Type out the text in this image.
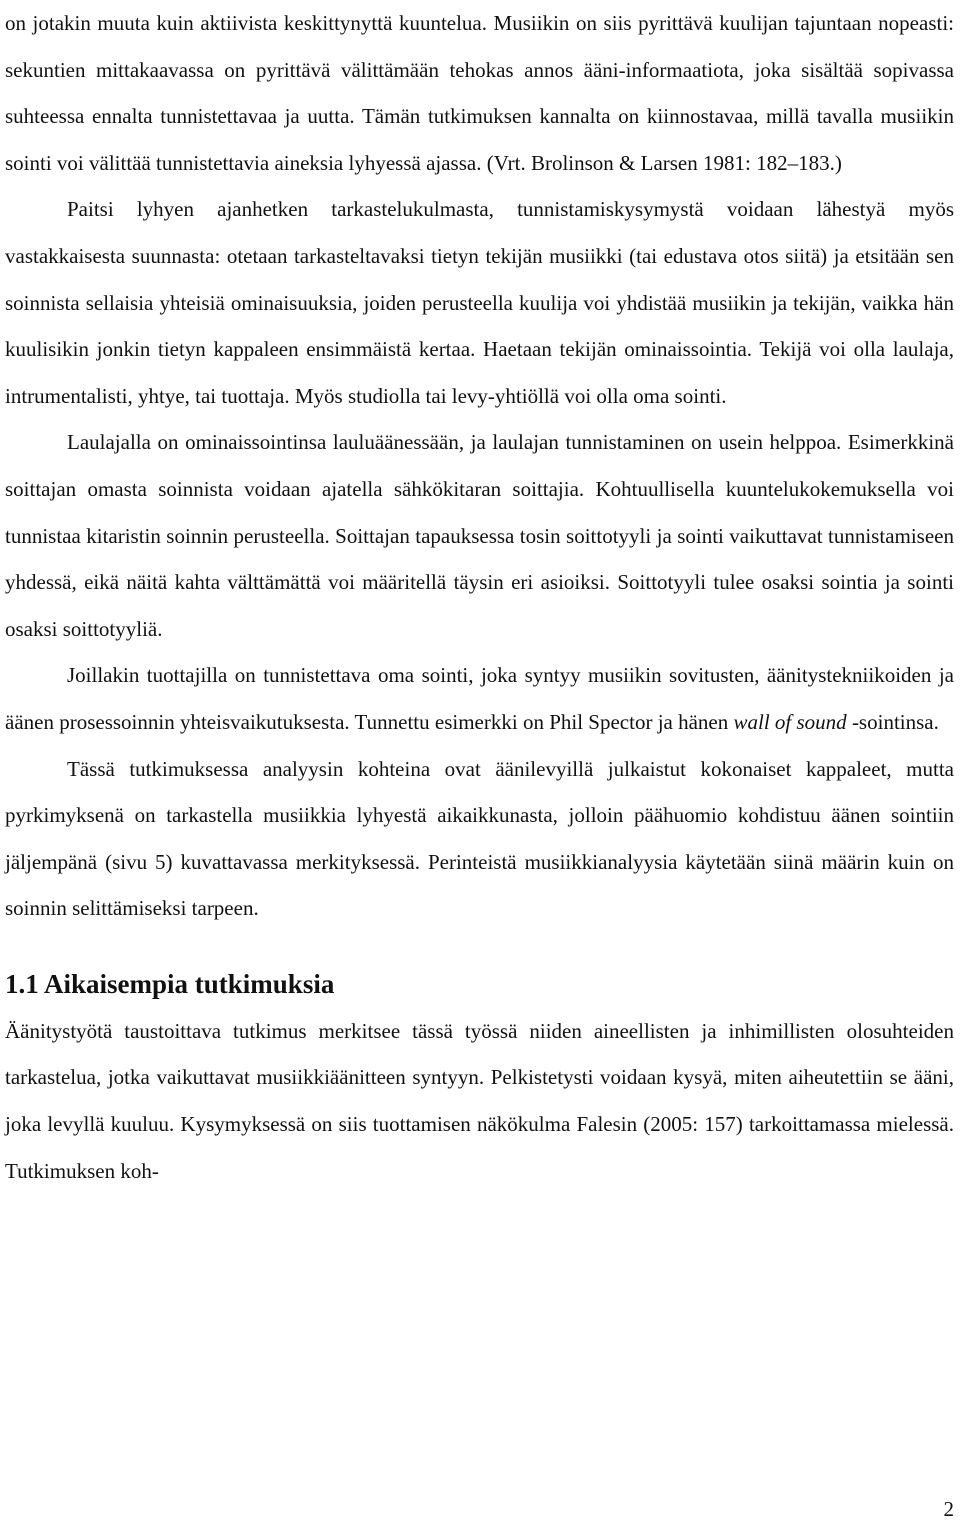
on jotakin muuta kuin aktiivista keskittynyttä kuuntelua. Musiikin on siis pyrittävä kuulijan tajuntaan nopeasti: sekuntien mittakaavassa on pyrittävä välittämään tehokas annos ääni-informaatiota, joka sisältää sopivassa suhteessa ennalta tunnistettavaa ja uutta. Tämän tutkimuksen kannalta on kiinnostavaa, millä tavalla musiikin sointi voi välittää tunnistettavia aineksia lyhyessä ajassa. (Vrt. Brolinson & Larsen 1981: 182–183.)

Paitsi lyhyen ajanhetken tarkastelukulmasta, tunnistamiskysymystä voidaan lähestyä myös vastakkaisesta suunnasta: otetaan tarkasteltavaksi tietyn tekijän musiikki (tai edustava otos siitä) ja etsitään sen soinnista sellaisia yhteisiä ominaisuuksia, joiden perusteella kuulija voi yhdistää musiikin ja tekijän, vaikka hän kuulisikin jonkin tietyn kappaleen ensimmäistä kertaa. Haetaan tekijän ominaissointia. Tekijä voi olla laulaja, intrumentalisti, yhtye, tai tuottaja. Myös studiolla tai levy-yhtiöllä voi olla oma sointi.

Laulajalla on ominaissointinsa lauluäänessään, ja laulajan tunnistaminen on usein helppoa. Esimerkkinä soittajan omasta soinnista voidaan ajatella sähkökitaran soittajia. Kohtuullisella kuuntelukokemuksella voi tunnistaa kitaristin soinnin perusteella. Soittajan tapauksessa tosin soittotyyli ja sointi vaikuttavat tunnistamiseen yhdessä, eikä näitä kahta välttämättä voi määritellä täysin eri asioiksi. Soittotyyli tulee osaksi sointia ja sointi osaksi soittotyyliä.

Joillakin tuottajilla on tunnistettava oma sointi, joka syntyy musiikin sovitusten, äänitystekniikoiden ja äänen prosessoinnin yhteisvaikutuksesta. Tunnettu esimerkki on Phil Spector ja hänen wall of sound -sointinsa.

Tässä tutkimuksessa analyysin kohteina ovat äänilevyillä julkaistut kokonaiset kappaleet, mutta pyrkimyksenä on tarkastella musiikkia lyhyestä aikaikkunasta, jolloin päähuomio kohdistuu äänen sointiin jäljempänä (sivu 5) kuvattavassa merkityksessä. Perinteistä musiikkianalyysia käytetään siinä määrin kuin on soinnin selittämiseksi tarpeen.

1.1 Aikaisempia tutkimuksia

Äänitystyötä taustoittava tutkimus merkitsee tässä työssä niiden aineellisten ja inhimillisten olosuhteiden tarkastelua, jotka vaikuttavat musiikkiäänitteen syntyyn. Pelkistetysti voidaan kysyä, miten aiheutettiin se ääni, joka levyllä kuuluu. Kysymyksessä on siis tuottamisen näkökulma Falesin (2005: 157) tarkoittamassa mielessä. Tutkimuksen koh-

2
